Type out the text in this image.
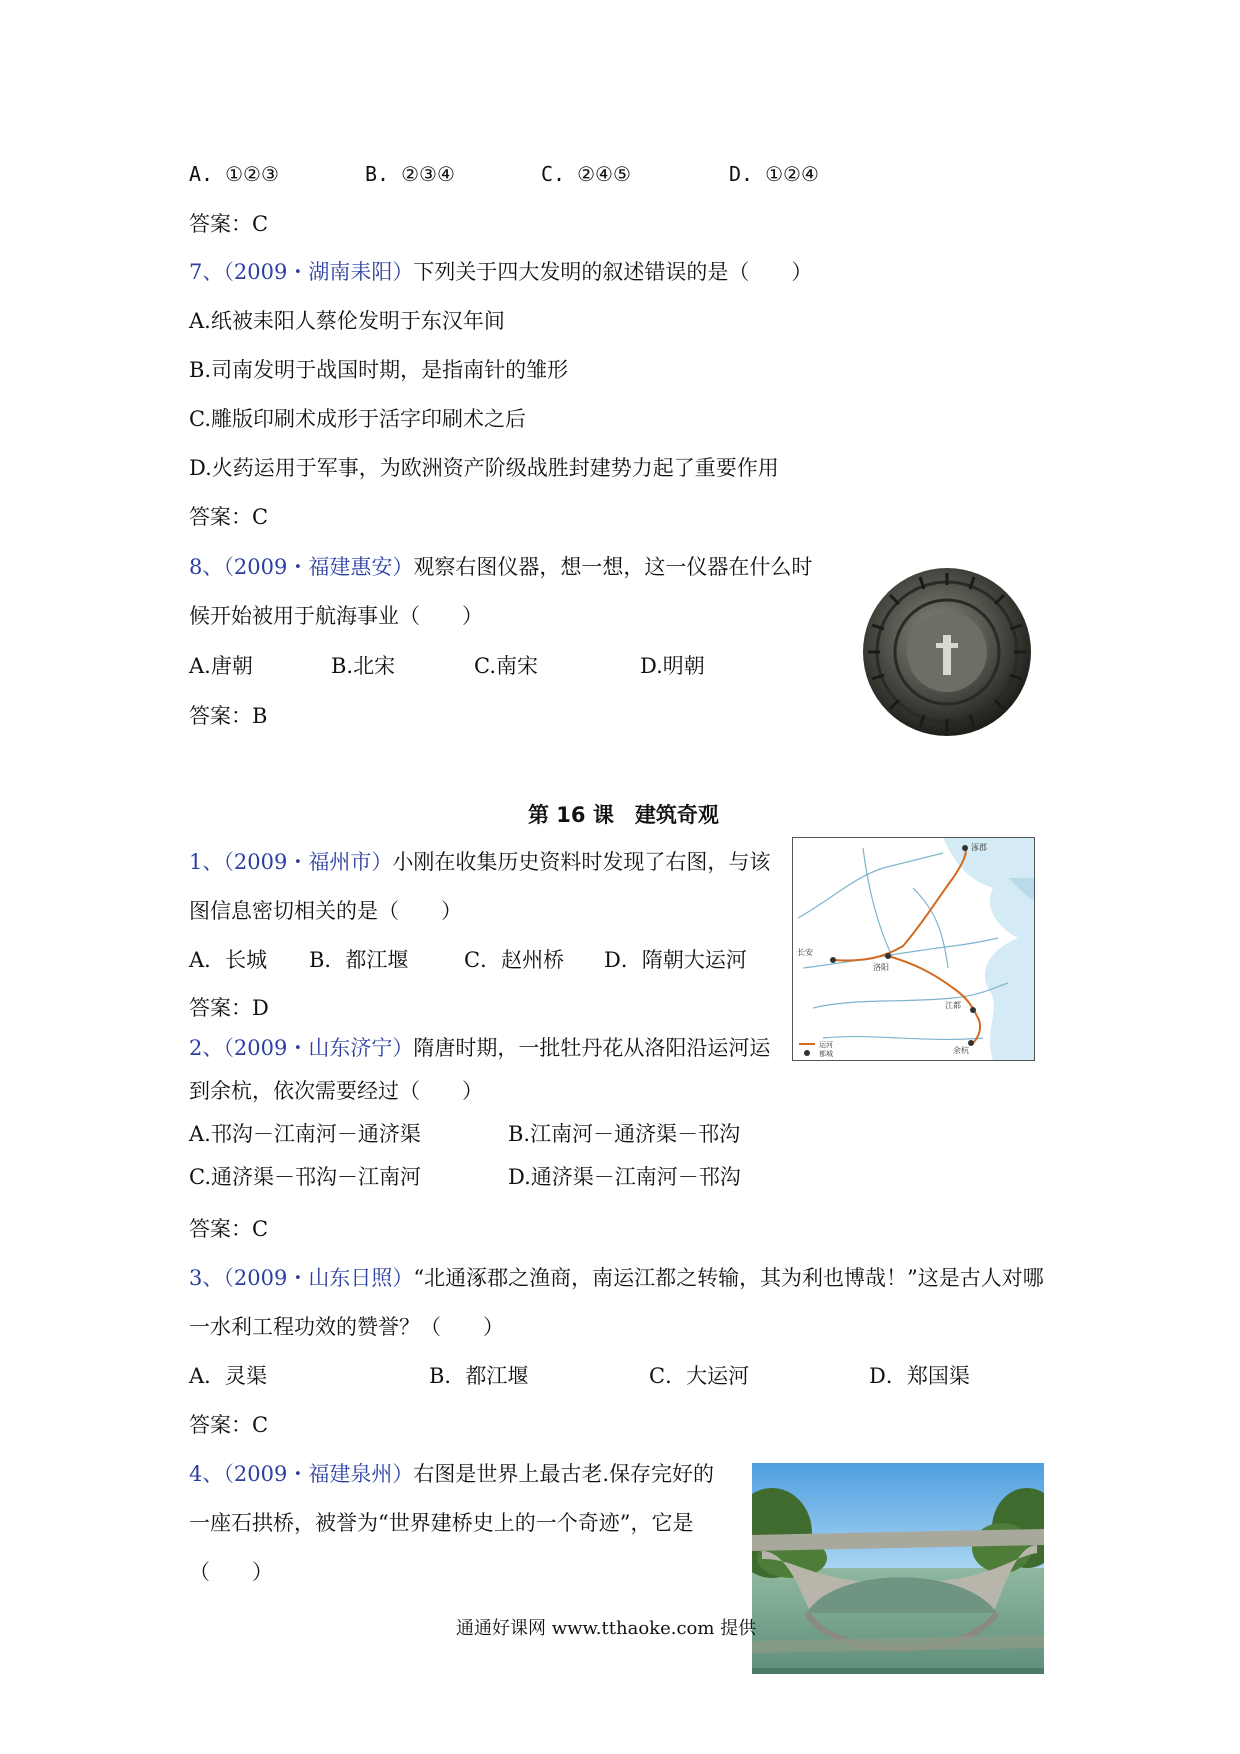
A. ①②③	B. ②③④	C. ②④⑤	D. ①②④
答案：C
7、（2009・湖南耒阳）下列关于四大发明的叙述错误的是（　　）
A.纸被耒阳人蔡伦发明于东汉年间
B.司南发明于战国时期，是指南针的雏形
C.雕版印刷术成形于活字印刷术之后
D.火药运用于军事，为欧洲资产阶级战胜封建势力起了重要作用
答案：C
8、（2009・福建惠安）观察右图仪器，想一想，这一仪器在什么时
候开始被用于航海事业（　　）
A.唐朝	B.北宋	C.南宋	D.明朝
答案：B
第 16 课　建筑奇观
1、（2009・福州市）小刚在收集历史资料时发现了右图，与该
图信息密切相关的是（　　）
A．长城 B．都江堰	C．赵州桥 D．隋朝大运河
答案：D
涿郡
长安
洛阳
江都
余杭
运河
都城
2、（2009・山东济宁）隋唐时期，一批牡丹花从洛阳沿运河运
到余杭，依次需要经过（　　）
A.邗沟－江南河－通济渠	B.江南河－通济渠－邗沟
C.通济渠－邗沟－江南河	D.通济渠－江南河－邗沟
答案：C
3、（2009・山东日照）“北通涿郡之渔商，南运江都之转输，其为利也博哉！”这是古人对哪
一水利工程功效的赞誉？（　　）
A．灵渠	B．都江堰	C．大运河	D．郑国渠
答案：C
4、（2009・福建泉州）右图是世界上最古老.保存完好的
一座石拱桥，被誉为“世界建桥史上的一个奇迹”，它是
（　　）
通通好课网 www.tthaoke.com 提供
